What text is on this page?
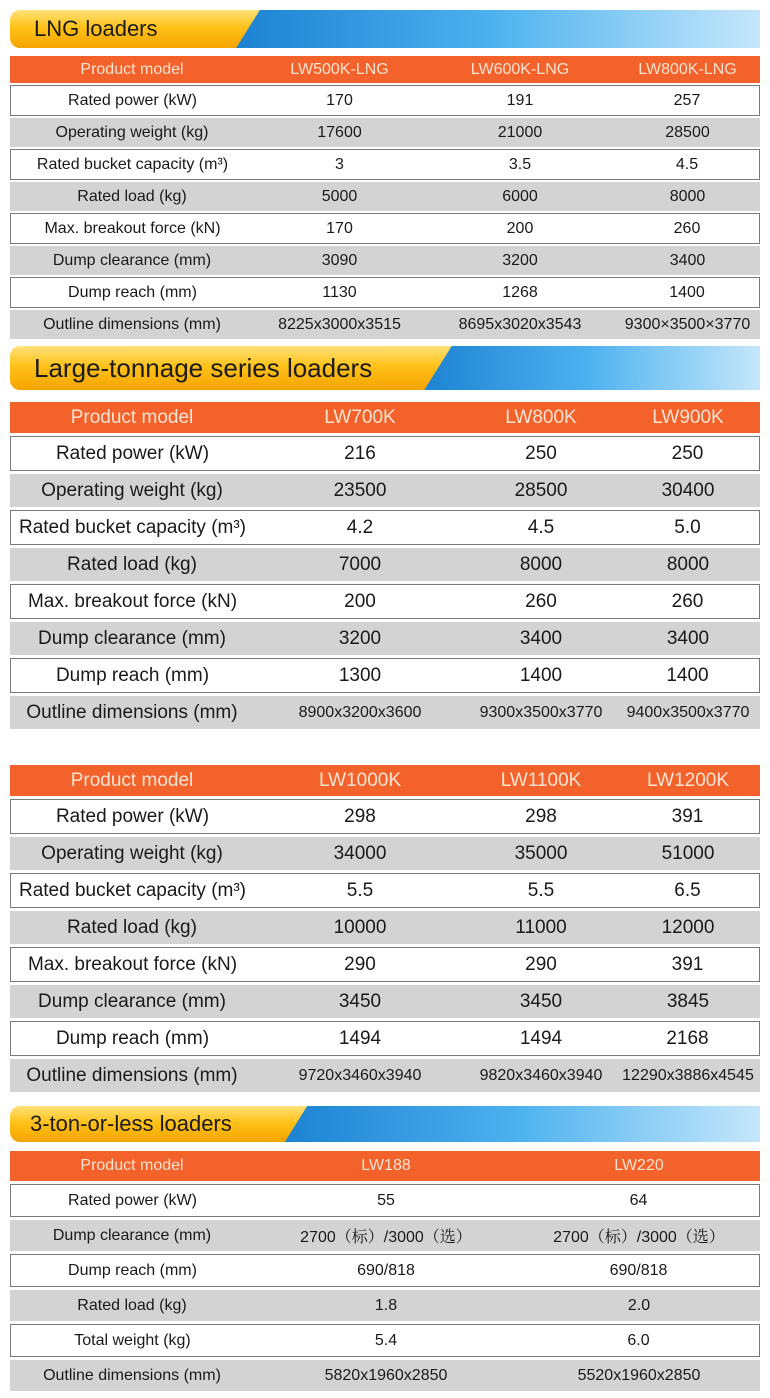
LNG loaders
Product model	LW500K-LNG	LW600K-LNG	LW800K-LNG

Rated power (kW)	170	191	257

Operating weight (kg)	17600	21000	28500

Rated bucket capacity (m³)	3	3.5	4.5

Rated load (kg)	5000	6000	8000

Max. breakout force (kN)	170	200	260

Dump clearance (mm)	3090	3200	3400

Dump reach (mm)	1130	1268	1400

Outline dimensions (mm)	8225x3000x3515	8695x3020x3543	9300×3500×3770
Large-tonnage series loaders
Product model	LW700K	LW800K	LW900K

Rated power (kW)	216	250	250

Operating weight (kg)	23500	28500	30400

Rated bucket capacity (m³)	4.2	4.5	5.0

Rated load (kg)	7000	8000	8000

Max. breakout force (kN)	200	260	260

Dump clearance (mm)	3200	3400	3400

Dump reach (mm)	1300	1400	1400

Outline dimensions (mm)	8900x3200x3600	9300x3500x3770	9400x3500x3770
Product model	LW1000K	LW1100K	LW1200K

Rated power (kW)	298	298	391

Operating weight (kg)	34000	35000	51000

Rated bucket capacity (m³)	5.5	5.5	6.5

Rated load (kg)	10000	11000	12000

Max. breakout force (kN)	290	290	391

Dump clearance (mm)	3450	3450	3845

Dump reach (mm)	1494	1494	2168

Outline dimensions (mm)	9720x3460x3940	9820x3460x3940	12290x3886x4545
3-ton-or-less loaders
Product model	LW188	LW220

Rated power (kW)	55	64

Dump clearance (mm)	2700（标）/3000（选）	2700（标）/3000（选）

Dump reach (mm)	690/818	690/818

Rated load (kg)	1.8	2.0

Total weight (kg)	5.4	6.0

Outline dimensions (mm)	5820x1960x2850	5520x1960x2850
